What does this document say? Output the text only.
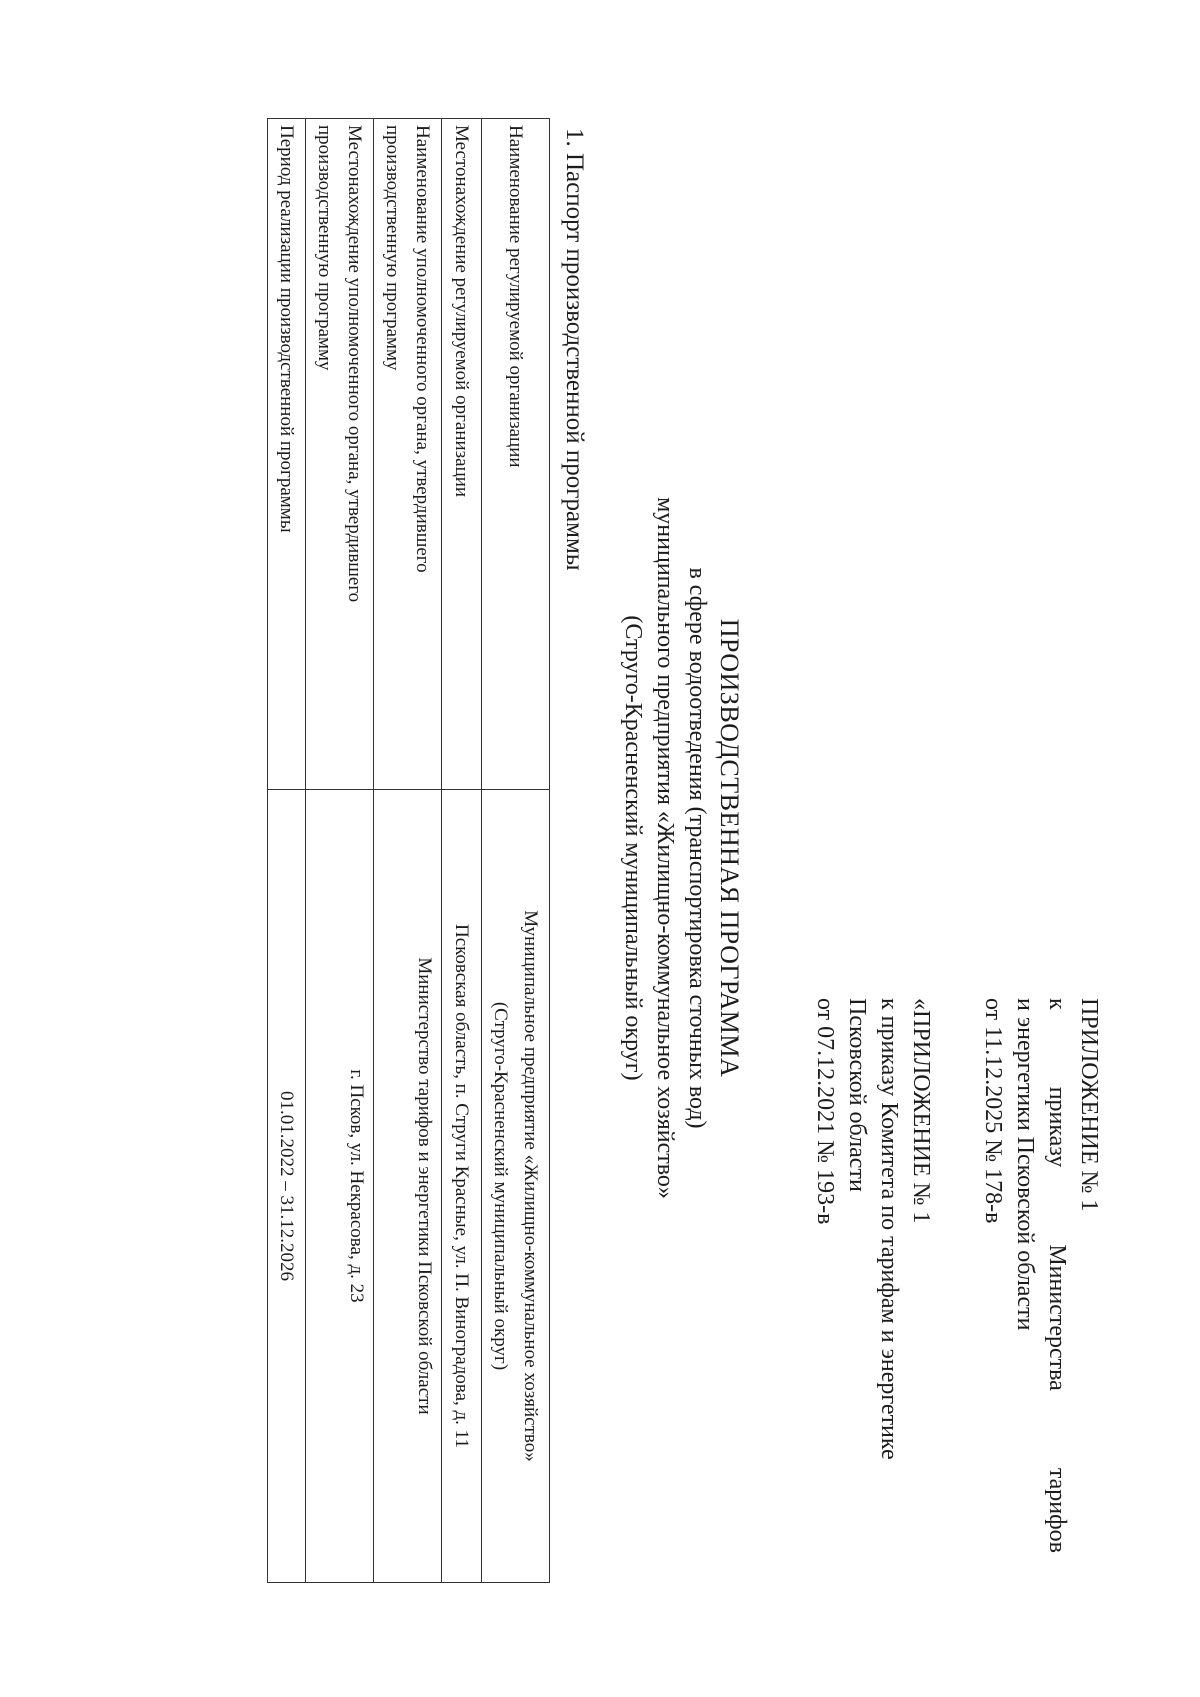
ПРИЛОЖЕНИЕ № 1
к
приказу
Министерства
тарифов
и энергетики Псковской области
от 11.12.2025 № 178-в
«ПРИЛОЖЕНИЕ № 1
к приказу Комитета по тарифам и энергетике
Псковской области
от 07.12.2021 № 193-в
ПРОИЗВОДСТВЕННАЯ ПРОГРАММА
в сфере водоотведения (транспортировка сточных вод)
муниципального предприятия «Жилищно-коммунальное хозяйство»
(Струго-Красненский муниципальный округ)
1. Паспорт производственной программы
Наименование регулируемой организации	Муниципальное предприятие «Жилищно-коммунальное хозяйство»
(Струго-Красненский муниципальный округ)

Местонахождение регулируемой организации	Псковская область, п. Струги Красные, ул. П. Виноградова, д. 11

Наименование уполномоченного органа, утвердившего
производственную программу	Министерство тарифов и энергетики Псковской области

Местонахождение уполномоченного органа, утвердившего
производственную программу	г. Псков, ул. Некрасова, д. 23

Период реализации производственной программы	01.01.2022 – 31.12.2026
